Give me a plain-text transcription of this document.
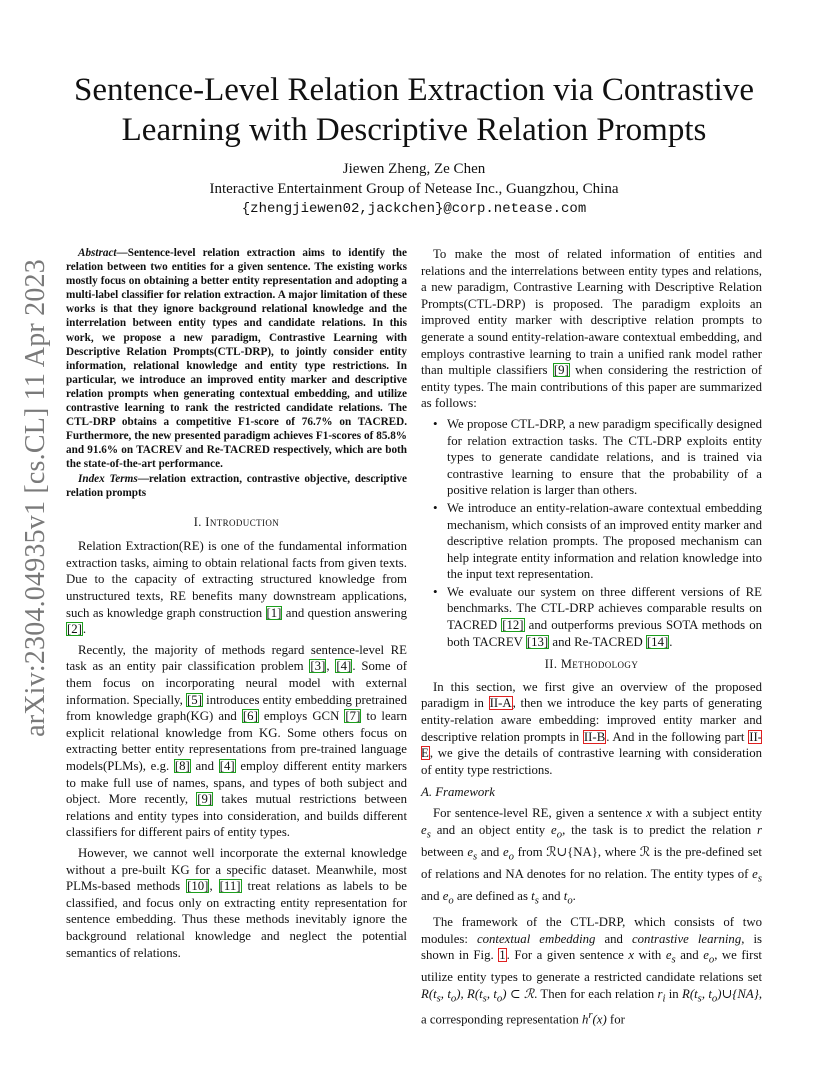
arXiv:2304.04935v1 [cs.CL] 11 Apr 2023
Sentence-Level Relation Extraction via Contrastive
Learning with Descriptive Relation Prompts
Jiewen Zheng, Ze Chen
Interactive Entertainment Group of Netease Inc., Guangzhou, China
{zhengjiewen02,jackchen}@corp.netease.com

Abstract—Sentence-level relation extraction aims to identify the relation between two entities for a given sentence. The existing works mostly focus on obtaining a better entity representation and adopting a multi-label classifier for relation extraction. A major limitation of these works is that they ignore background relational knowledge and the interrelation between entity types and candidate relations. In this work, we propose a new paradigm, Contrastive Learning with Descriptive Relation Prompts(CTL-DRP), to jointly consider entity information, relational knowledge and entity type restrictions. In particular, we introduce an improved entity marker and descriptive relation prompts when generating contextual embedding, and utilize contrastive learning to rank the restricted candidate relations. The CTL-DRP obtains a competitive F1-score of 76.7% on TACRED. Furthermore, the new presented paradigm achieves F1-scores of 85.8% and 91.6% on TACREV and Re-TACRED respectively, which are both the state-of-the-art performance.

Index Terms—relation extraction, contrastive objective, descriptive relation prompts

I. Introduction

Relation Extraction(RE) is one of the fundamental information extraction tasks, aiming to obtain relational facts from given texts. Due to the capacity of extracting structured knowledge from unstructured texts, RE benefits many downstream applications, such as knowledge graph construction [1] and question answering [2].

Recently, the majority of methods regard sentence-level RE task as an entity pair classification problem [3], [4]. Some of them focus on incorporating neural model with external information. Specially, [5] introduces entity embedding pretrained from knowledge graph(KG) and [6] employs GCN [7] to learn explicit relational knowledge from KG. Some others focus on extracting better entity representations from pre-trained language models(PLMs), e.g. [8] and [4] employ different entity markers to make full use of names, spans, and types of both subject and object. More recently, [9] takes mutual restrictions between relations and entity types into consideration, and builds different classifiers for different pairs of entity types.

However, we cannot well incorporate the external knowledge without a pre-built KG for a specific dataset. Meanwhile, most PLMs-based methods [10], [11] treat relations as labels to be classified, and focus only on extracting entity representation for sentence embedding. Thus these methods inevitably ignore the background relational knowledge and neglect the potential semantics of relations.

To make the most of related information of entities and relations and the interrelations between entity types and relations, a new paradigm, Contrastive Learning with Descriptive Relation Prompts(CTL-DRP) is proposed. The paradigm exploits an improved entity marker with descriptive relation prompts to generate a sound entity-relation-aware contextual embedding, and employs contrastive learning to train a unified rank model rather than multiple classifiers [9] when considering the restriction of entity types. The main contributions of this paper are summarized as follows:

• We propose CTL-DRP, a new paradigm specifically designed for relation extraction tasks. The CTL-DRP exploits entity types to generate candidate relations, and is trained via contrastive learning to ensure that the probability of a positive relation is larger than others.
• We introduce an entity-relation-aware contextual embedding mechanism, which consists of an improved entity marker and descriptive relation prompts. The proposed mechanism can help integrate entity information and relation knowledge into the input text representation.
• We evaluate our system on three different versions of RE benchmarks. The CTL-DRP achieves comparable results on TACRED [12] and outperforms previous SOTA methods on both TACREV [13] and Re-TACRED [14].
II. Methodology

In this section, we first give an overview of the proposed paradigm in II-A, then we introduce the key parts of generating entity-relation aware embedding: improved entity marker and descriptive relation prompts in II-B. And in the following part II-E, we give the details of contrastive learning with consideration of entity type restrictions.

A. Framework

For sentence-level RE, given a sentence x with a subject entity $e_s$ and an object entity $e_o$, the task is to predict the relation r between $e_s$ and $e_o$ from ℛ∪{NA}, where ℛ is the pre-defined set of relations and NA denotes for no relation. The entity types of $e_s$ and $e_o$ are defined as $t_s$ and $t_o$.

The framework of the CTL-DRP, which consists of two modules: contextual embedding and contrastive learning, is shown in Fig. 1. For a given sentence x with $e_s$ and $e_o$, we first utilize entity types to generate a restricted candidate relations set $R(t_s$, $t_o$), $R(t_s$, $t_o$) ⊂ ℛ. Then for each relation $r_i$ in $R(t_s$, $t_o)\cup\{NA\}$, a corresponding representation $h^r(x)$ for
